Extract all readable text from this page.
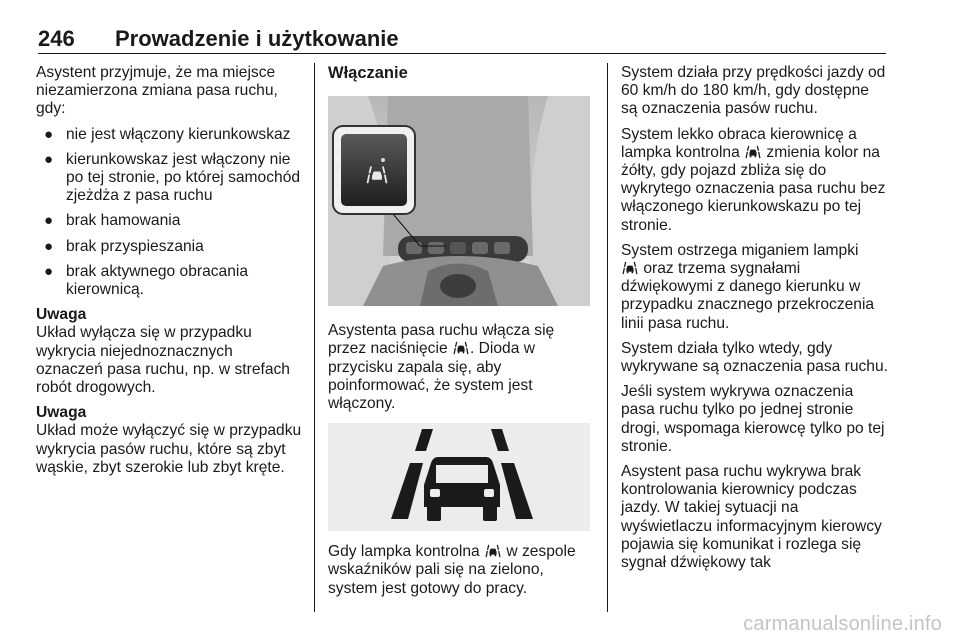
246 Prowadzenie i użytkowanie

Asystent przyjmuje, że ma miejsce niezamierzona zmiana pasa ruchu, gdy:

● nie jest włączony kierunkowskaz
● kierunkowskaz jest włączony nie po tej stronie, po której samochód zjeżdża z pasa ruchu
● brak hamowania
● brak przyspieszania
● brak aktywnego obracania kierownicą.
Uwaga
Układ wyłącza się w przypadku wykrycia niejednoznacznych oznaczeń pasa ruchu, np. w strefach robót drogowych.
Uwaga
Układ może wyłączyć się w przypadku wykrycia pasów ruchu, które są zbyt wąskie, zbyt szerokie lub zbyt kręte.
Włączanie

Asystenta pasa ruchu włącza się przez naciśnięcie . Dioda w przycisku zapala się, aby poinformować, że system jest włączony.

Gdy lampka kontrolna  w zespole wskaźników pali się na zielono, system jest gotowy do pracy.

System działa przy prędkości jazdy od 60 km/h do 180 km/h, gdy dostępne są oznaczenia pasów ruchu.

System lekko obraca kierownicę a lampka kontrolna  zmienia kolor na żółty, gdy pojazd zbliża się do wykrytego oznaczenia pasa ruchu bez włączonego kierunkowskazu po tej stronie.

System ostrzega miganiem lampki
oraz trzema sygnałami dźwiękowymi z danego kierunku w przypadku znacznego przekroczenia linii pasa ruchu.

System działa tylko wtedy, gdy wykrywane są oznaczenia pasa ruchu.

Jeśli system wykrywa oznaczenia pasa ruchu tylko po jednej stronie drogi, wspomaga kierowcę tylko po tej stronie.

Asystent pasa ruchu wykrywa brak kontrolowania kierownicy podczas jazdy. W takiej sytuacji na wyświetlaczu informacyjnym kierowcy pojawia się komunikat i rozlega się sygnał dźwiękowy tak

carmanualsonline.info
